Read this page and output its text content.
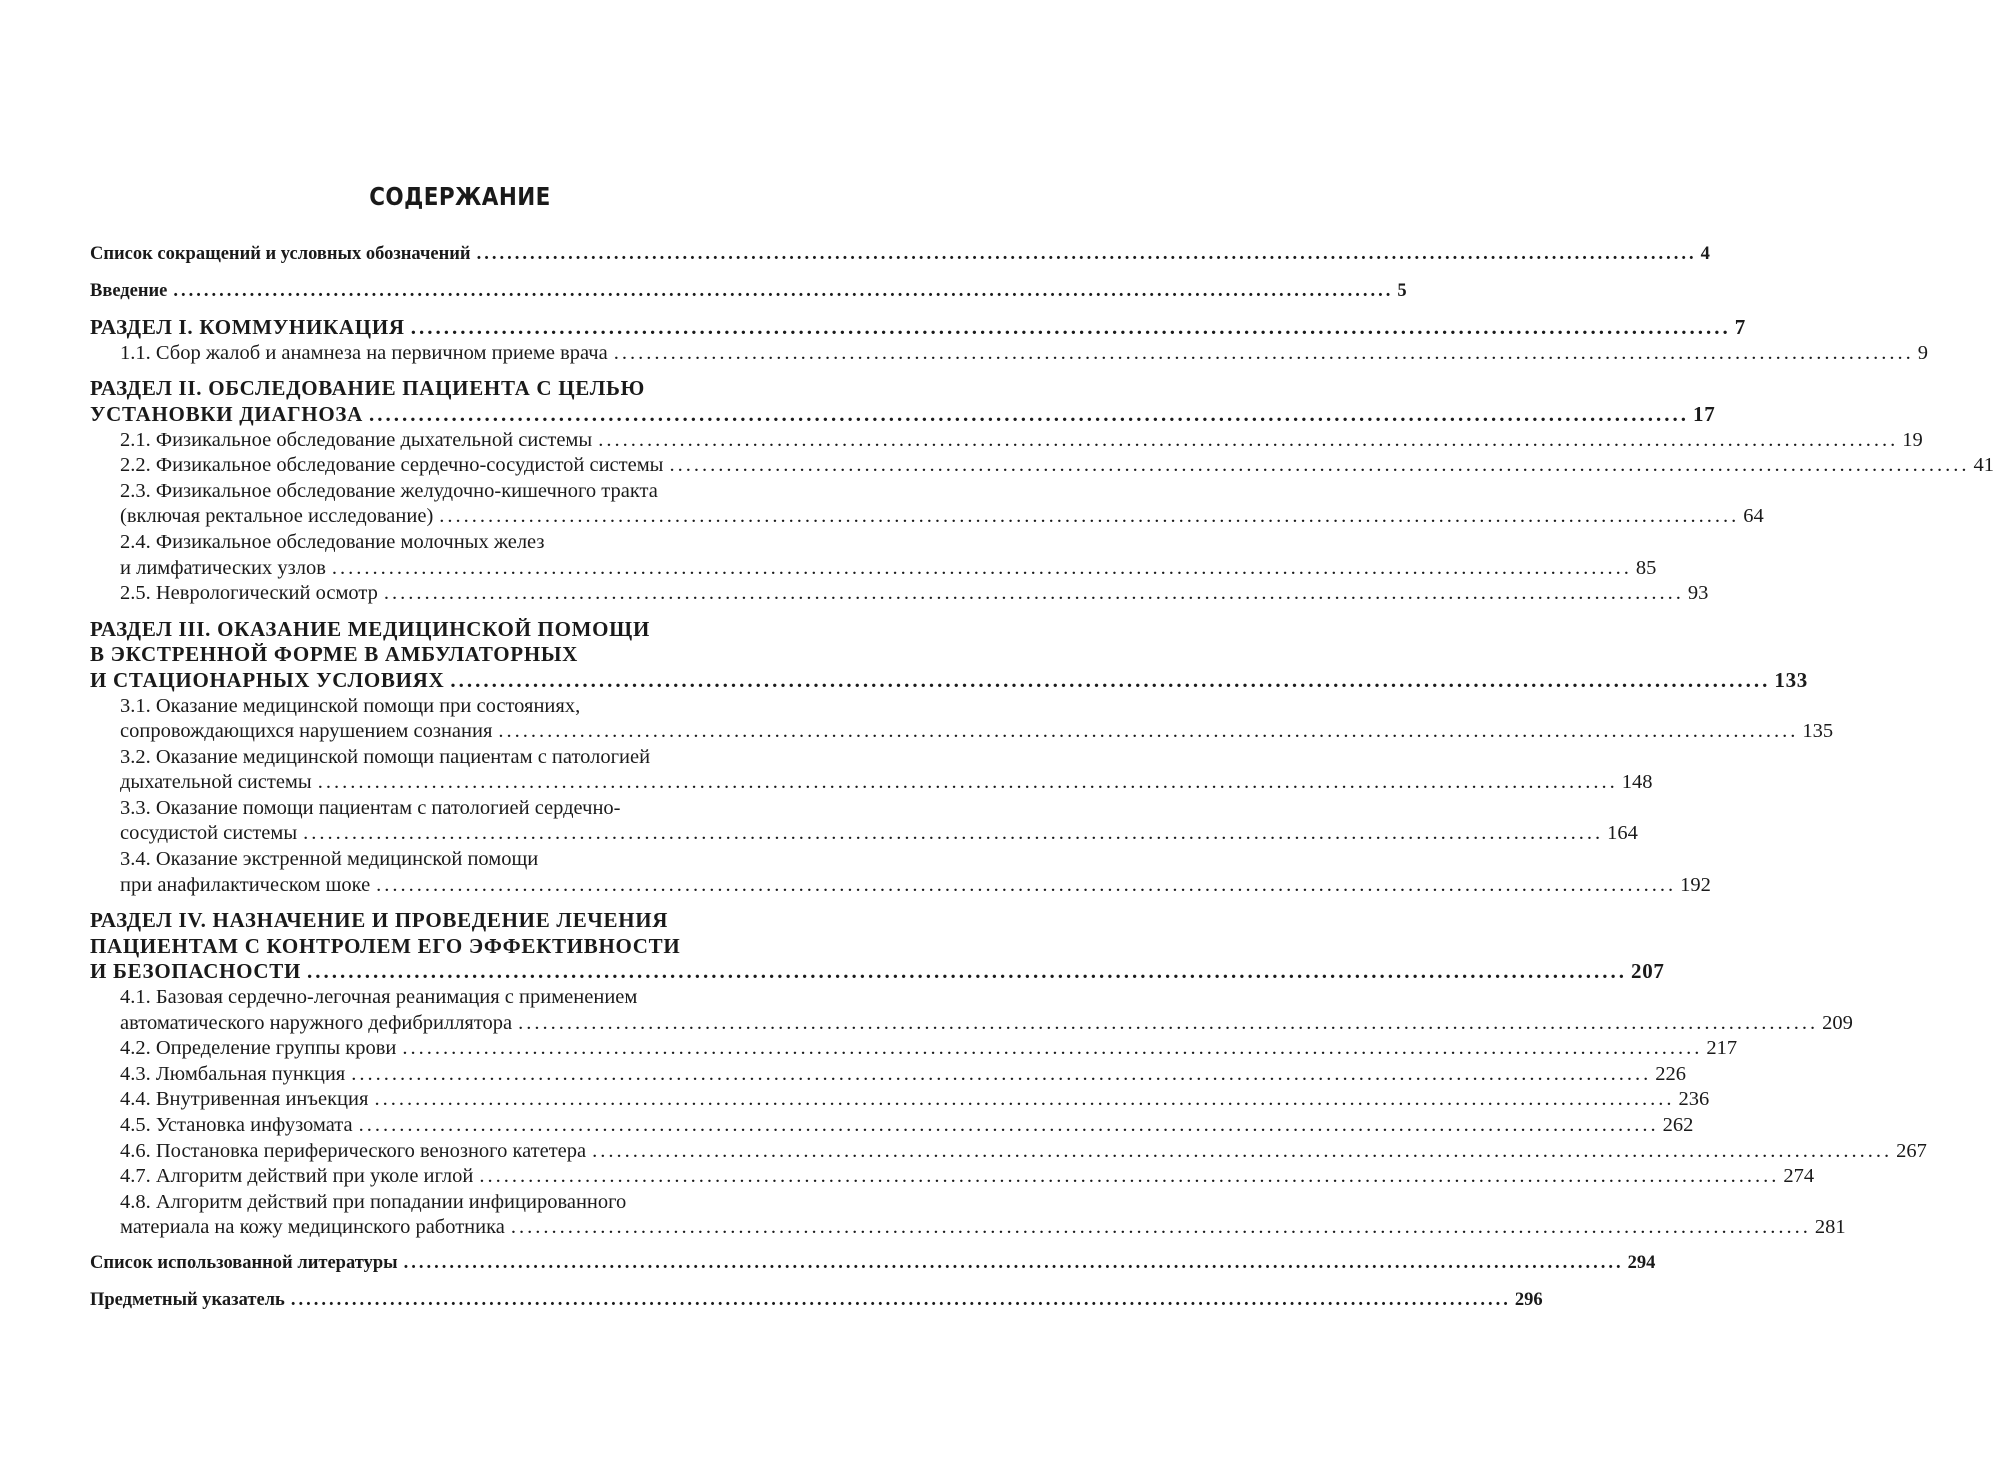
СОДЕРЖАНИЕ
Список сокращений и условных обозначений ................................................................................................................................................................ 4
Введение ................................................................................................................................................................ 5
РАЗДЕЛ I. КОММУНИКАЦИЯ ................................................................................................................................................................ 7
1.1. Сбор жалоб и анамнеза на первичном приеме врача ................................................................................................................................................................ 9
РАЗДЕЛ II. ОБСЛЕДОВАНИЕ ПАЦИЕНТА С ЦЕЛЬЮ
УСТАНОВКИ ДИАГНОЗА ................................................................................................................................................................ 17
2.1. Физикальное обследование дыхательной системы ................................................................................................................................................................ 19
2.2. Физикальное обследование сердечно-сосудистой системы ................................................................................................................................................................ 41
2.3. Физикальное обследование желудочно-кишечного тракта
(включая ректальное исследование) ................................................................................................................................................................ 64
2.4. Физикальное обследование молочных желез
и лимфатических узлов ................................................................................................................................................................ 85
2.5. Неврологический осмотр ................................................................................................................................................................ 93
РАЗДЕЛ III. ОКАЗАНИЕ МЕДИЦИНСКОЙ ПОМОЩИ
В ЭКСТРЕННОЙ ФОРМЕ В АМБУЛАТОРНЫХ
И СТАЦИОНАРНЫХ УСЛОВИЯХ ................................................................................................................................................................ 133
3.1. Оказание медицинской помощи при состояниях,
сопровождающихся нарушением сознания ................................................................................................................................................................ 135
3.2. Оказание медицинской помощи пациентам с патологией
дыхательной системы ................................................................................................................................................................ 148
3.3. Оказание помощи пациентам с патологией сердечно-
сосудистой системы ................................................................................................................................................................ 164
3.4. Оказание экстренной медицинской помощи
при анафилактическом шоке ................................................................................................................................................................ 192
РАЗДЕЛ IV. НАЗНАЧЕНИЕ И ПРОВЕДЕНИЕ ЛЕЧЕНИЯ
ПАЦИЕНТАМ С КОНТРОЛЕМ ЕГО ЭФФЕКТИВНОСТИ
И БЕЗОПАСНОСТИ ................................................................................................................................................................ 207
4.1. Базовая сердечно-легочная реанимация с применением
автоматического наружного дефибриллятора ................................................................................................................................................................ 209
4.2. Определение группы крови ................................................................................................................................................................ 217
4.3. Люмбальная пункция ................................................................................................................................................................ 226
4.4. Внутривенная инъекция ................................................................................................................................................................ 236
4.5. Установка инфузомата ................................................................................................................................................................ 262
4.6. Постановка периферического венозного катетера ................................................................................................................................................................ 267
4.7. Алгоритм действий при уколе иглой ................................................................................................................................................................ 274
4.8. Алгоритм действий при попадании инфицированного
материала на кожу медицинского работника ................................................................................................................................................................ 281
Список использованной литературы ................................................................................................................................................................ 294
Предметный указатель ................................................................................................................................................................ 296
